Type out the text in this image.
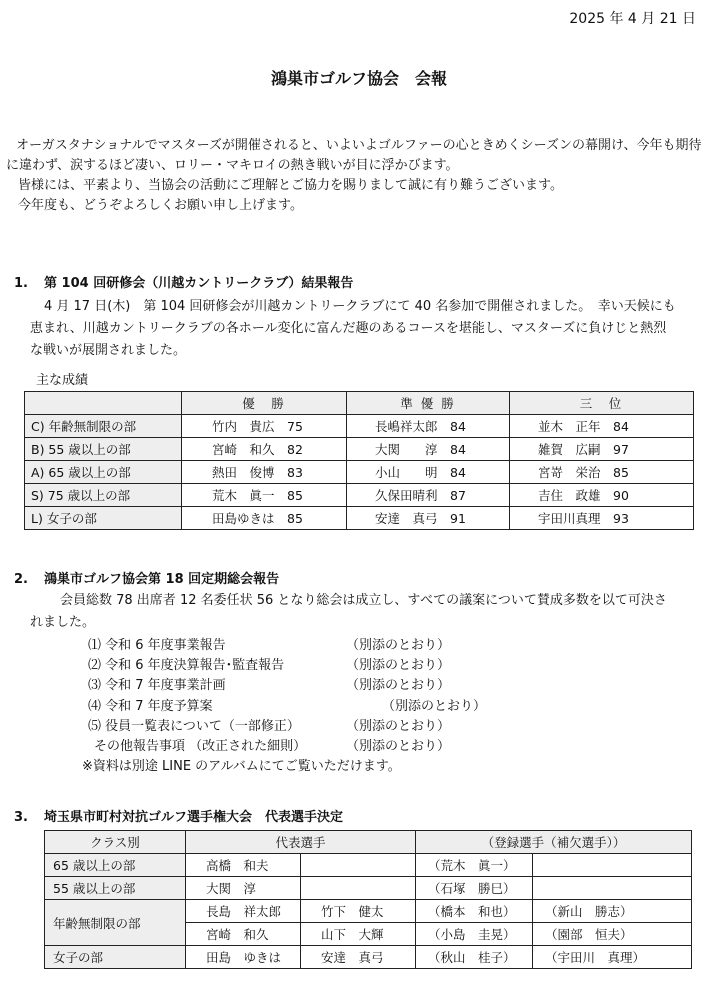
2025 年 4 月 21 日
鴻巣市ゴルフ協会　会報

オーガスタナショナルでマスターズが開催されると、いよいよゴルファーの心ときめくシーズンの幕開け、今年も期待

に違わず、涙するほど凄い、ロリー・マキロイの熱き戦いが目に浮かびます。

皆様には、平素より、当協会の活動にご理解とご協力を賜りまして誠に有り難うございます。

今年度も、どうぞよろしくお願い申し上げます。

1. 第 104 回研修会（川越カントリークラブ）結果報告

4 月 17 日(木)　第 104 回研修会が川越カントリークラブにて 40 名参加で開催されました。　幸い天候にも

恵まれ、川越カントリークラブの各ホール変化に富んだ趣のあるコースを堪能し、マスターズに負けじと熱烈

な戦いが展開されました。

主な成績
	優　勝	準 優 勝	三　位
C) 年齢無制限の部	竹内　貴広　75	長嶋祥太郎　84	並木　正年　84
B) 55 歳以上の部	宮崎　和久　82	大関　　淳　84	雑賀　広嗣　97
A) 65 歳以上の部	熱田　俊博　83	小山　　明　84	宮嵜　栄治　85
S) 75 歳以上の部	荒木　眞一　85	久保田晴利　87	吉住　政雄　90
L) 女子の部	田島ゆきは　85	安達　真弓　91	宇田川真理　93
2. 鴻巣市ゴルフ協会第 18 回定期総会報告

会員総数 78 出席者 12 名委任状 56 となり総会は成立し、すべての議案について賛成多数を以て可決さ

れました。

⑴ 令和 6 年度事業報告	（別添のとおり）
⑵ 令和 6 年度決算報告･監査報告	（別添のとおり）
⑶ 令和 7 年度事業計画	（別添のとおり）
⑷ 令和 7 年度予算案	（別添のとおり）
⑸ 役員一覧表について（一部修正）	（別添のとおり）
その他報告事項 （改正された細則）	（別添のとおり）
※資料は別途 LINE のアルバムにてご覧いただけます。
3. 埼玉県市町村対抗ゴルフ選手権大会　代表選手決定
クラス別	代表選手		（登録選手（補欠選手））	
65 歳以上の部	高橋　和夫		（荒木　眞一）	
55 歳以上の部	大関　淳		（石塚　勝巳）	
年齢無制限の部	長島　祥太郎	竹下　健太	（橋本　和也）	（新山　勝志）
	宮崎　和久	山下　大輝	（小島　圭晃）	（園部　恒夫）
女子の部	田島　ゆきは	安達　真弓	（秋山　桂子）	（宇田川　真理）
